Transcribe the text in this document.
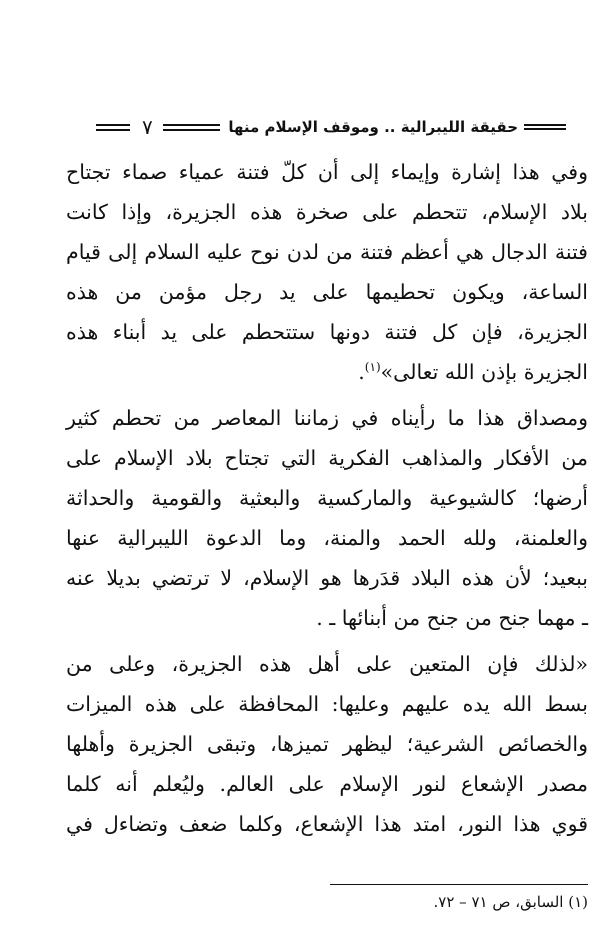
حقيقة الليبرالية .. وموقف الإسلام منها
٧
وفي هذا إشارة وإيماء إلى أن كلّ فتنة عمياء صماء تجتاح
بلاد الإسلام، تتحطم على صخرة هذه الجزيرة، وإذا كانت
فتنة الدجال هي أعظم فتنة من لدن نوح عليه السلام إلى قيام
الساعة، ويكون تحطيمها على يد رجل مؤمن من هذه
الجزيرة، فإن كل فتنة دونها ستتحطم على يد أبناء هذه
الجزيرة بإذن الله تعالى»$^{(١)}$.
ومصداق هذا ما رأيناه في زماننا المعاصر من تحطم كثير
من الأفكار والمذاهب الفكرية التي تجتاح بلاد الإسلام على
أرضها؛ كالشيوعية والماركسية والبعثية والقومية والحداثة
والعلمنة، ولله الحمد والمنة، وما الدعوة الليبرالية عنها
ببعيد؛ لأن هذه البلاد قدَرها هو الإسلام، لا ترتضي بديلا عنه
ـ مهما جنح من جنح من أبنائها ـ .
«لذلك فإن المتعين على أهل هذه الجزيرة، وعلى من
بسط الله يده عليهم وعليها: المحافظة على هذه الميزات
والخصائص الشرعية؛ ليظهر تميزها، وتبقى الجزيرة وأهلها
مصدر الإشعاع لنور الإسلام على العالم. وليُعلم أنه كلما
قوي هذا النور، امتد هذا الإشعاع، وكلما ضعف وتضاءل في
(١) السابق، ص ٧١ – ٧٢.
